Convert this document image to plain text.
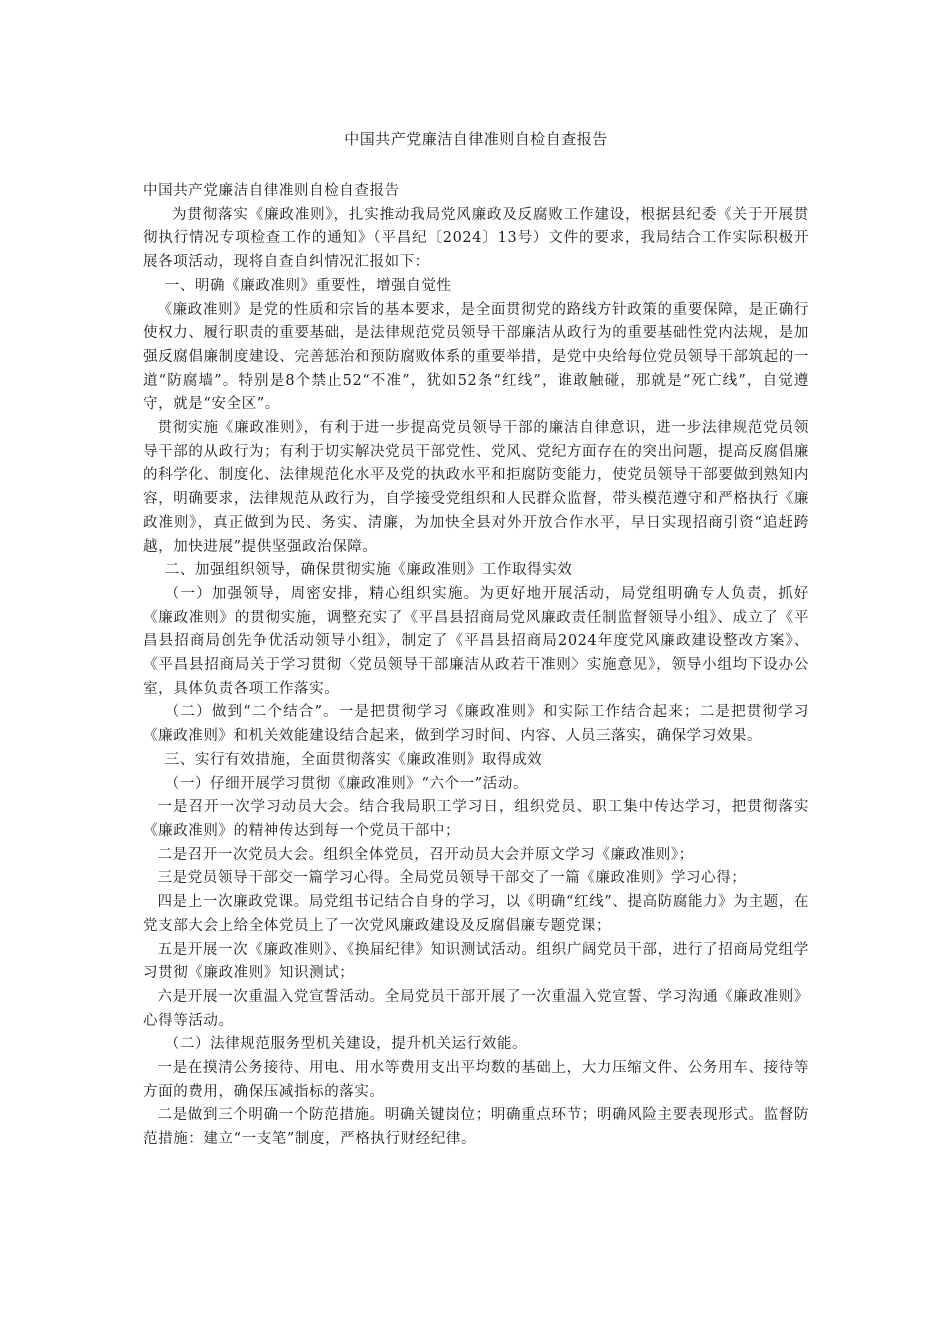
中国共产党廉洁自律准则自检自查报告

中国共产党廉洁自律准则自检自查报告

为贯彻落实《廉政准则》，扎实推动我局党风廉政及反腐败工作建设，根据县纪委《关于开展贯彻执行情况专项检查工作的通知》（平昌纪〔2024〕13号）文件的要求，我局结合工作实际积极开展各项活动，现将自查自纠情况汇报如下：

一、明确《廉政准则》重要性，增强自觉性

《廉政准则》是党的性质和宗旨的基本要求，是全面贯彻党的路线方针政策的重要保障，是正确行使权力、履行职责的重要基础，是法律规范党员领导干部廉洁从政行为的重要基础性党内法规，是加强反腐倡廉制度建设、完善惩治和预防腐败体系的重要举措，是党中央给每位党员领导干部筑起的一道“防腐墙”。特别是8个禁止52“不准”，犹如52条“红线”，谁敢触碰，那就是“死亡线”，自觉遵守，就是“安全区”。

贯彻实施《廉政准则》，有利于进一步提高党员领导干部的廉洁自律意识，进一步法律规范党员领导干部的从政行为；有利于切实解决党员干部党性、党风、党纪方面存在的突出问题，提高反腐倡廉的科学化、制度化、法律规范化水平及党的执政水平和拒腐防变能力，使党员领导干部要做到熟知内容，明确要求，法律规范从政行为，自学接受党组织和人民群众监督，带头模范遵守和严格执行《廉政准则》，真正做到为民、务实、清廉，为加快全县对外开放合作水平，早日实现招商引资“追赶跨越，加快进展”提供坚强政治保障。

二、加强组织领导，确保贯彻实施《廉政准则》工作取得实效

（一）加强领导，周密安排，精心组织实施。为更好地开展活动，局党组明确专人负责，抓好《廉政准则》的贯彻实施，调整充实了《平昌县招商局党风廉政责任制监督领导小组》、成立了《平昌县招商局创先争优活动领导小组》，制定了《平昌县招商局2024年度党风廉政建设整改方案》、《平昌县招商局关于学习贯彻〈党员领导干部廉洁从政若干准则〉实施意见》，领导小组均下设办公室，具体负责各项工作落实。

（二）做到“二个结合”。一是把贯彻学习《廉政准则》和实际工作结合起来；二是把贯彻学习《廉政准则》和机关效能建设结合起来，做到学习时间、内容、人员三落实，确保学习效果。

三、实行有效措施，全面贯彻落实《廉政准则》取得成效

（一）仔细开展学习贯彻《廉政准则》“六个一”活动。

一是召开一次学习动员大会。结合我局职工学习日，组织党员、职工集中传达学习，把贯彻落实《廉政准则》的精神传达到每一个党员干部中；

二是召开一次党员大会。组织全体党员，召开动员大会并原文学习《廉政准则》；

三是党员领导干部交一篇学习心得。全局党员领导干部交了一篇《廉政准则》学习心得；

四是上一次廉政党课。局党组书记结合自身的学习，以《明确“红线”、提高防腐能力》为主题，在党支部大会上给全体党员上了一次党风廉政建设及反腐倡廉专题党课；

五是开展一次《廉政准则》、《换届纪律》知识测试活动。组织广阔党员干部，进行了招商局党组学习贯彻《廉政准则》知识测试；

六是开展一次重温入党宣誓活动。全局党员干部开展了一次重温入党宣誓、学习沟通《廉政准则》心得等活动。

（二）法律规范服务型机关建设，提升机关运行效能。

一是在摸清公务接待、用电、用水等费用支出平均数的基础上，大力压缩文件、公务用车、接待等方面的费用，确保压减指标的落实。

二是做到三个明确一个防范措施。明确关键岗位；明确重点环节；明确风险主要表现形式。监督防范措施：建立“一支笔”制度，严格执行财经纪律。
